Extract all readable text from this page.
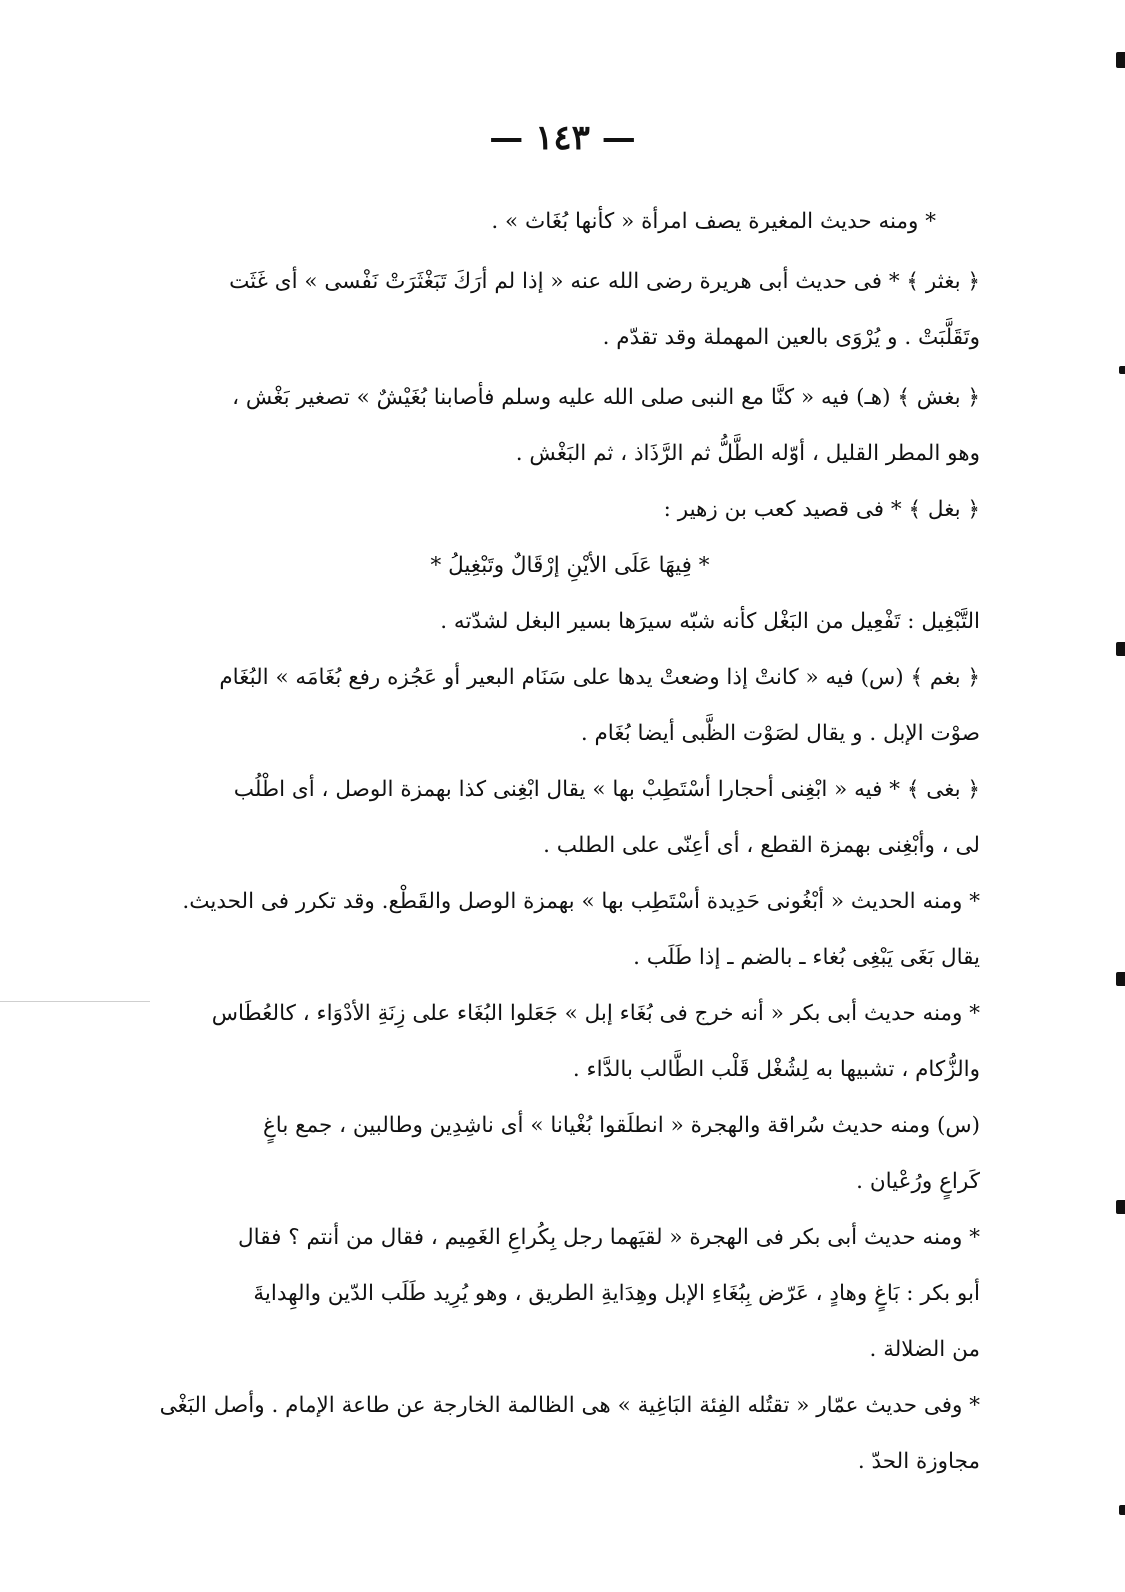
— ١٤٣ —
* ومنه حديث المغيرة يصف امرأة « كأنها بُغَاث » .
﴿ بغثر ﴾ * فى حديث أبى هريرة رضى الله عنه « إذا لم أرَكَ تَبَغْثَرَتْ نَفْسى » أى غَثَت
وتَقَلَّبَتْ . و يُرْوَى بالعين المهملة وقد تقدّم .
﴿ بغش ﴾ (هـ) فيه « كنَّا مع النبى صلى الله عليه وسلم فأصابنا بُغَيْشٌ » تصغير بَغْش ،
وهو المطر القليل ، أوّله الطَّلُّ ثم الرَّذَاذ ، ثم البَغْش .
﴿ بغل ﴾ * فى قصيد كعب بن زهير :
* فِيهَا عَلَى الأيْنِ إرْقَالٌ وتَبْغِيلُ *
التَّبْغِيل : تَفْعِيل من البَغْل كأنه شبّه سيرَها بسير البغل لشدّته .
﴿ بغم ﴾ (س) فيه « كانتْ إذا وضعتْ يدها على سَنَام البعير أو عَجُزه رفع بُغَامَه » البُغَام
صوْت الإبل . و يقال لصَوْت الظَّبى أيضا بُغَام .
﴿ بغى ﴾ * فيه « ابْغِنى أحجارا أسْتَطِبْ بها » يقال ابْغِنى كذا بهمزة الوصل ، أى اطْلُب
لى ، وأبْغِنى بهمزة القطع ، أى أعِنّى على الطلب .
* ومنه الحديث « أبْغُونى حَدِيدة أسْتَطِب بها » بهمزة الوصل والقَطْع. وقد تكرر فى الحديث.
يقال بَغَى يَبْغِى بُغاء ـ بالضم ـ إذا طَلَب .
* ومنه حديث أبى بكر « أنه خرج فى بُغَاء إبل » جَعَلوا البُغَاء على زِنَةِ الأدْوَاء ، كالعُطَاس
والزُّكام ، تشبيها به لِشُغْل قَلْب الطَّالب بالدَّاء .
(س) ومنه حديث سُراقة والهجرة « انطلَقوا بُغْيانا » أى ناشِدِين وطالبين ، جمع باغٍ
كَراعٍ ورُعْيان .
* ومنه حديث أبى بكر فى الهجرة « لقيَهما رجل بِكُراعِ الغَمِيم ، فقال من أنتم ؟ فقال
أبو بكر : بَاغٍ وهادٍ ، عَرّض بِبُغَاءِ الإبل وهِدَايةِ الطريق ، وهو يُرِيد طَلَب الدّين والهِدايةَ
من الضلالة .
* وفى حديث عمّار « تقتُله الفِئة البَاغِية » هى الظالمة الخارجة عن طاعة الإمام . وأصل البَغْى
مجاوزة الحدّ .
